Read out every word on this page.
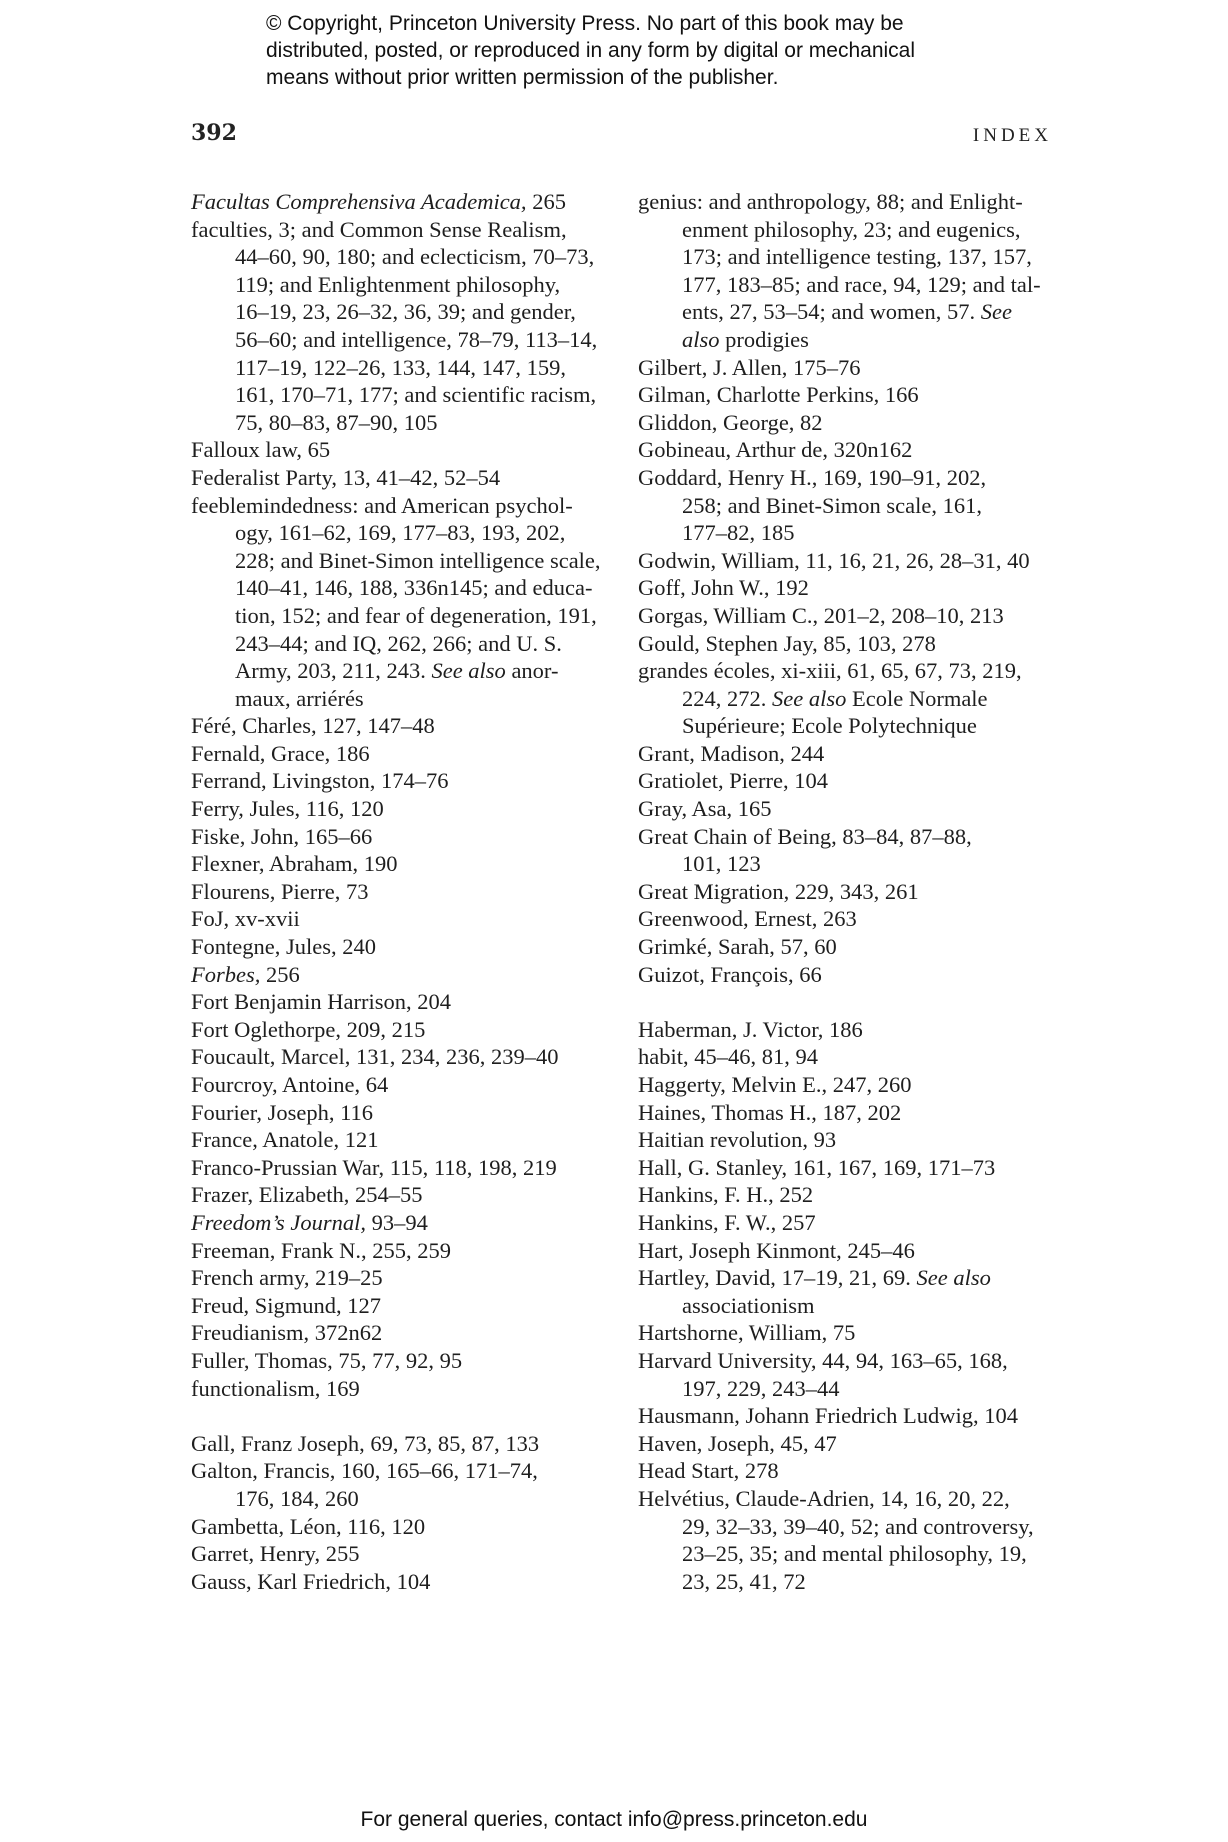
© Copyright, Princeton University Press. No part of this book may be
distributed, posted, or reproduced in any form by digital or mechanical
means without prior written permission of the publisher.
392	INDEX
Facultas Comprehensiva Academica, 265
faculties, 3; and Common Sense Realism,
44–60, 90, 180; and eclecticism, 70–73,
119; and Enlightenment philosophy,
16–19, 23, 26–32, 36, 39; and gender,
56–60; and intelligence, 78–79, 113–14,
117–19, 122–26, 133, 144, 147, 159,
161, 170–71, 177; and scientific racism,
75, 80–83, 87–90, 105
Falloux law, 65
Federalist Party, 13, 41–42, 52–54
feeblemindedness: and American psychol-
ogy, 161–62, 169, 177–83, 193, 202,
228; and Binet-Simon intelligence scale,
140–41, 146, 188, 336n145; and educa-
tion, 152; and fear of degeneration, 191,
243–44; and IQ, 262, 266; and U. S.
Army, 203, 211, 243. See also anor-
maux, arriérés
Féré, Charles, 127, 147–48
Fernald, Grace, 186
Ferrand, Livingston, 174–76
Ferry, Jules, 116, 120
Fiske, John, 165–66
Flexner, Abraham, 190
Flourens, Pierre, 73
FoJ, xv-xvii
Fontegne, Jules, 240
Forbes, 256
Fort Benjamin Harrison, 204
Fort Oglethorpe, 209, 215
Foucault, Marcel, 131, 234, 236, 239–40
Fourcroy, Antoine, 64
Fourier, Joseph, 116
France, Anatole, 121
Franco-Prussian War, 115, 118, 198, 219
Frazer, Elizabeth, 254–55
Freedom’s Journal, 93–94
Freeman, Frank N., 255, 259
French army, 219–25
Freud, Sigmund, 127
Freudianism, 372n62
Fuller, Thomas, 75, 77, 92, 95
functionalism, 169
Gall, Franz Joseph, 69, 73, 85, 87, 133
Galton, Francis, 160, 165–66, 171–74,
176, 184, 260
Gambetta, Léon, 116, 120
Garret, Henry, 255
Gauss, Karl Friedrich, 104
genius: and anthropology, 88; and Enlight-
enment philosophy, 23; and eugenics,
173; and intelligence testing, 137, 157,
177, 183–85; and race, 94, 129; and tal-
ents, 27, 53–54; and women, 57. See
also prodigies
Gilbert, J. Allen, 175–76
Gilman, Charlotte Perkins, 166
Gliddon, George, 82
Gobineau, Arthur de, 320n162
Goddard, Henry H., 169, 190–91, 202,
258; and Binet-Simon scale, 161,
177–82, 185
Godwin, William, 11, 16, 21, 26, 28–31, 40
Goff, John W., 192
Gorgas, William C., 201–2, 208–10, 213
Gould, Stephen Jay, 85, 103, 278
grandes écoles, xi-xiii, 61, 65, 67, 73, 219,
224, 272. See also Ecole Normale
Supérieure; Ecole Polytechnique
Grant, Madison, 244
Gratiolet, Pierre, 104
Gray, Asa, 165
Great Chain of Being, 83–84, 87–88,
101, 123
Great Migration, 229, 343, 261
Greenwood, Ernest, 263
Grimké, Sarah, 57, 60
Guizot, François, 66
Haberman, J. Victor, 186
habit, 45–46, 81, 94
Haggerty, Melvin E., 247, 260
Haines, Thomas H., 187, 202
Haitian revolution, 93
Hall, G. Stanley, 161, 167, 169, 171–73
Hankins, F. H., 252
Hankins, F. W., 257
Hart, Joseph Kinmont, 245–46
Hartley, David, 17–19, 21, 69. See also
associationism
Hartshorne, William, 75
Harvard University, 44, 94, 163–65, 168,
197, 229, 243–44
Hausmann, Johann Friedrich Ludwig, 104
Haven, Joseph, 45, 47
Head Start, 278
Helvétius, Claude-Adrien, 14, 16, 20, 22,
29, 32–33, 39–40, 52; and controversy,
23–25, 35; and mental philosophy, 19,
23, 25, 41, 72
For general queries, contact info@press.princeton.edu
